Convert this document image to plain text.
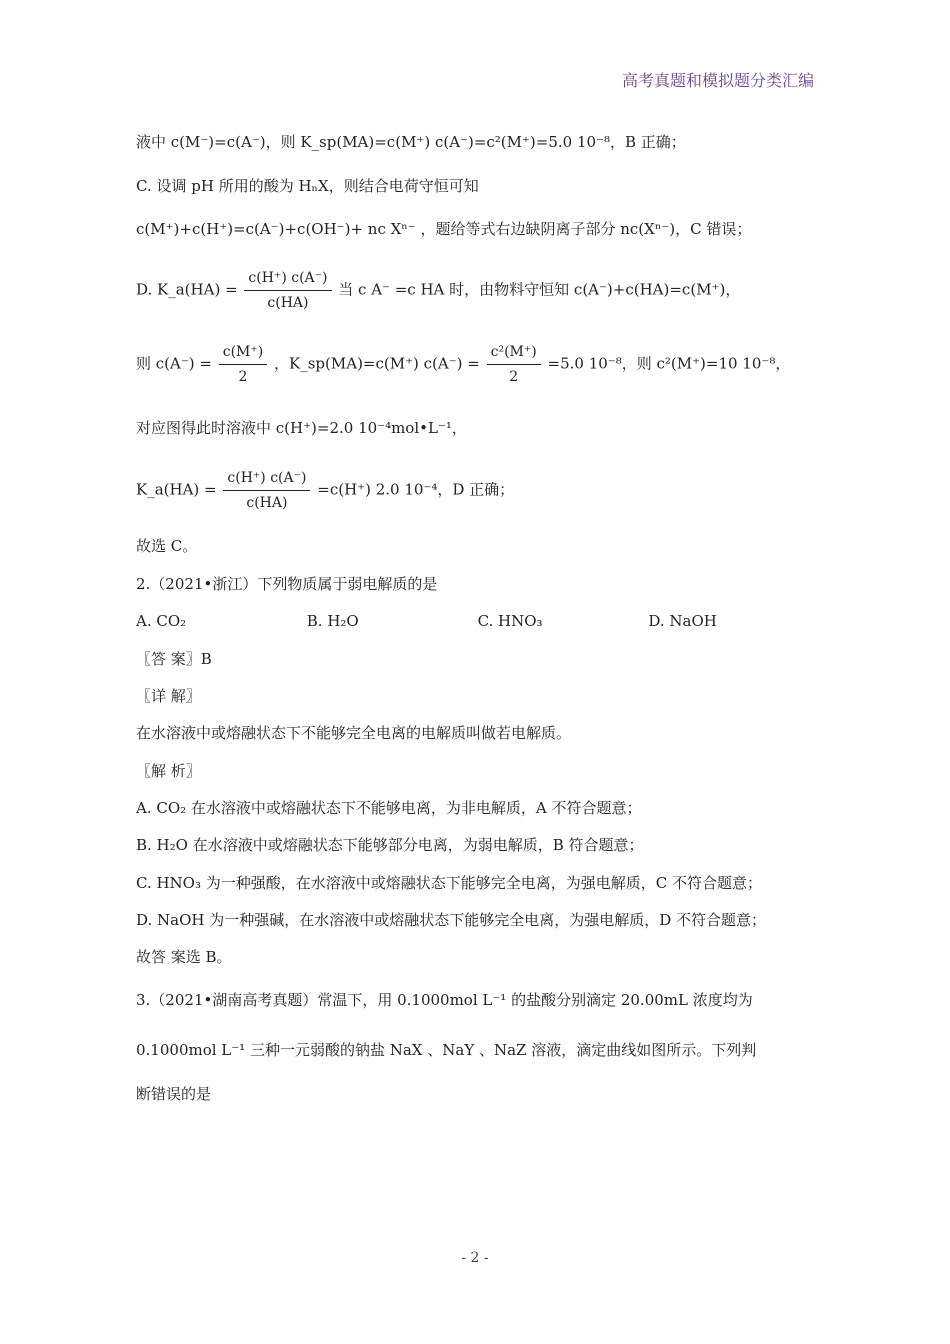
高考真题和模拟题分类汇编
液中 c(M⁻)=c(A⁻)，则 K_sp(MA)=c(M⁺) c(A⁻)=c²(M⁺)=5.0 10⁻⁸，B 正确；
C. 设调 pH 所用的酸为 HₙX，则结合电荷守恒可知
c(M⁺)+c(H⁺)=c(A⁻)+c(OH⁻)+ nc Xⁿ⁻ ，题给等式右边缺阴离子部分 nc(Xⁿ⁻)，C 错误；
D. K_a(HA) = $\frac{c(H^+) c(A^-)}{c(HA)}$ 当 c A⁻ =c HA 时，由物料守恒知 c(A⁻)+c(HA)=c(M⁺)，
则 $c(A^-) = \frac{c(M^+)}{2}$ ，K_sp(MA)=c(M⁺) $c(A^-) = \frac{\text{c²(M⁺)}}{2} =5.0$ 10⁻⁸，则 c²(M⁺)=10 10⁻⁸，
对应图得此时溶液中 c(H⁺)=2.0 10⁻⁴mol•L⁻¹，
K_a(HA) = $\frac{c(H^+) c(A^-)}{c(HA)} =c(H^+)$ 2.0 10⁻⁴，D 正确；
故选 C。
2.（2021•浙江）下列物质属于弱电解质的是
A. CO₂	B. H₂O	C. HNO₃	D. NaOH
〖答 案〗B
〖详 解〗
在水溶液中或熔融状态下不能够完全电离的电解质叫做若电解质。
〖解 析〗
A. CO₂ 在水溶液中或熔融状态下不能够电离，为非电解质，A 不符合题意；
B. H₂O 在水溶液中或熔融状态下能够部分电离，为弱电解质，B 符合题意；
C. HNO₃ 为一种强酸，在水溶液中或熔融状态下能够完全电离，为强电解质，C 不符合题意；
D. NaOH 为一种强碱，在水溶液中或熔融状态下能够完全电离，为强电解质，D 不符合题意；
故答 案选 B。
3.（2021•湖南高考真题）常温下，用 0.1000mol L⁻¹ 的盐酸分别滴定 20.00mL 浓度均为
0.1000mol L⁻¹ 三种一元弱酸的钠盐 NaX 、NaY 、NaZ 溶液，滴定曲线如图所示。下列判
断错误的是
- 2 -
